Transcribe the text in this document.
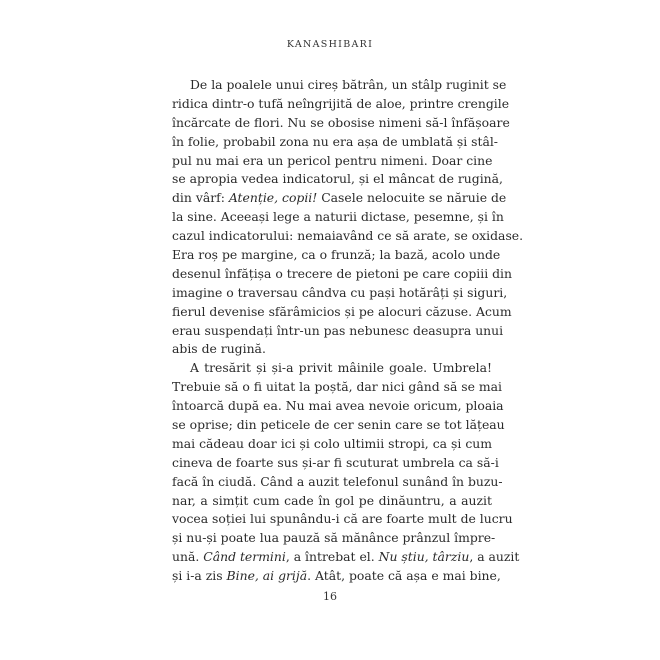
KANASHIBARI
De la poalele unui cireș bătrân, un stâlp ruginit se
ridica dintr-o tufă neîngrijită de aloe, printre crengile
încărcate de flori. Nu se obosise nimeni să-l înfășoare
în folie, probabil zona nu era așa de umblată și stâl-
pul nu mai era un pericol pentru nimeni. Doar cine
se apropia vedea indicatorul, și el mâncat de rugină,
din vârf: Atenție, copii! Casele nelocuite se năruie de
la sine. Aceeași lege a naturii dictase, pesemne, și în
cazul indicatorului: nemaiavând ce să arate, se oxidase.
Era roș pe margine, ca o frunză; la bază, acolo unde
desenul înfățișa o trecere de pietoni pe care copiii din
imagine o traversau cândva cu pași hotărâți și siguri,
fierul devenise sfărâmicios și pe alocuri căzuse. Acum
erau suspendați într-un pas nebunesc deasupra unui
abis de rugină.
A tresărit și și-a privit mâinile goale. Umbrela!
Trebuie să o fi uitat la poștă, dar nici gând să se mai
întoarcă după ea. Nu mai avea nevoie oricum, ploaia
se oprise; din peticele de cer senin care se tot lățeau
mai cădeau doar ici și colo ultimii stropi, ca și cum
cineva de foarte sus și-ar fi scuturat umbrela ca să-i
facă în ciudă. Când a auzit telefonul sunând în buzu-
nar, a simțit cum cade în gol pe dinăuntru, a auzit
vocea soției lui spunându-i că are foarte mult de lucru
și nu-și poate lua pauză să mănânce prânzul împre-
ună. Când termini, a întrebat el. Nu știu, târziu, a auzit
și i-a zis Bine, ai grijă. Atât, poate că așa e mai bine,
16
